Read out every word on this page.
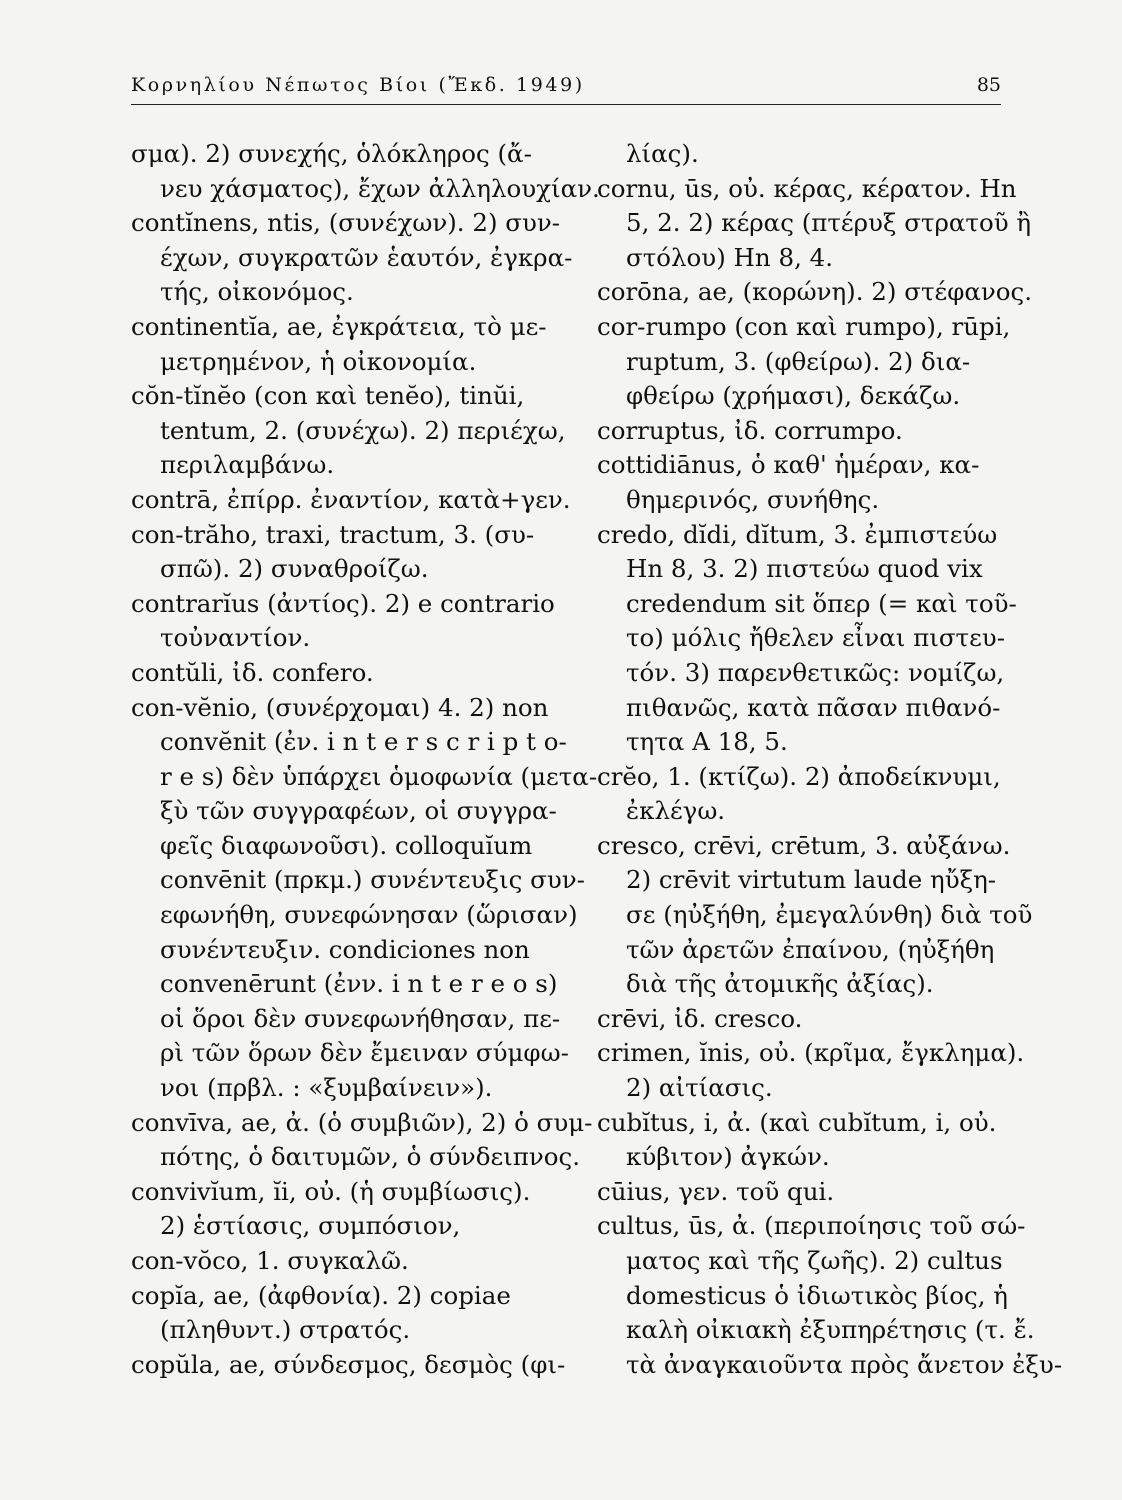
Κορνηλίου Νέπωτος Βίοι (Ἔκδ. 1949)	85
σμα). 2) συνεχής, ὁλόκληρος (ἄ-
νευ χάσματος), ἔχων ἀλληλουχίαν.
contĭnens, ntis, (συνέχων). 2) συν-
έχων, συγκρατῶν ἑαυτόν, ἐγκρα-
τής, οἰκονόμος.
continentĭa, ae, ἐγκράτεια, τὸ με-
μετρημένον, ἡ οἰκονομία.
cŏn-tĭnĕo (con καὶ tenĕo), tinŭi,
tentum, 2. (συνέχω). 2) περιέχω,
περιλαμβάνω.
contrā, ἐπίρρ. ἐναντίον, κατὰ+γεν.
con-trăho, traxi, tractum, 3. (συ-
σπῶ). 2) συναθροίζω.
contrarĭus (ἀντίος). 2) e contrario
τοὐναντίον.
contŭli, ἰδ. confero.
con-vĕnio, (συνέρχομαι) 4. 2) non
convĕnit (ἐν. i n t e r s c r i p t o-
r e s) δὲν ὑπάρχει ὁμοφωνία (μετα-
ξὺ τῶν συγγραφέων, οἱ συγγρα-
φεῖς διαφωνοῦσι). colloquĭum
convēnit (πρκμ.) συνέντευξις συν-
εφωνήθη, συνεφώνησαν (ὥρισαν)
συνέντευξιν. condiciones non
convenērunt (ἐνν. i n t e r e o s)
οἱ ὅροι δὲν συνεφωνήθησαν, πε-
ρὶ τῶν ὅρων δὲν ἔμειναν σύμφω-
νοι (πρβλ. : «ξυμβαίνειν»).
convīva, ae, ἀ. (ὁ συμβιῶν), 2) ὁ συμ-
πότης, ὁ δαιτυμῶν, ὁ σύνδειπνος.
convivĭum, ĭi, οὐ. (ἡ συμβίωσις).
2) ἑστίασις, συμπόσιον,
con-vŏco, 1. συγκαλῶ.
copĭa, ae, (ἀφθονία). 2) copiae
(πληθυντ.) στρατός.
copŭla, ae, σύνδεσμος, δεσμὸς (φι-
λίας).
cornu, ūs, οὐ. κέρας, κέρατον. Hn
5, 2. 2) κέρας (πτέρυξ στρατοῦ ἢ
στόλου) Hn 8, 4.
corōna, ae, (κορώνη). 2) στέφανος.
cor-rumpo (con καὶ rumpo), rūpi,
ruptum, 3. (φθείρω). 2) δια-
φθείρω (χρήμασι), δεκάζω.
corruptus, ἰδ. corrumpo.
cottidiānus, ὁ καθ' ἡμέραν, κα-
θημερινός, συνήθης.
credo, dĭdi, dĭtum, 3. ἐμπιστεύω
Hn 8, 3. 2) πιστεύω quod vix
credendum sit ὅπερ (= καὶ τοῦ-
το) μόλις ἤθελεν εἶναι πιστευ-
τόν. 3) παρενθετικῶς: νομίζω,
πιθανῶς, κατὰ πᾶσαν πιθανό-
τητα A 18, 5.
crĕo, 1. (κτίζω). 2) ἀποδείκνυμι,
ἐκλέγω.
cresco, crēvi, crētum, 3. αὐξάνω.
2) crēvit virtutum laude ηὔξη-
σε (ηὐξήθη, ἐμεγαλύνθη) διὰ τοῦ
τῶν ἀρετῶν ἐπαίνου, (ηὐξήθη
διὰ τῆς ἀτομικῆς ἀξίας).
crēvi, ἰδ. cresco.
crimen, ĭnis, οὐ. (κρῖμα, ἔγκλημα).
2) αἰτίασις.
cubĭtus, i, ἀ. (καὶ cubĭtum, i, οὐ.
κύβιτον) ἀγκών.
cūius, γεν. τοῦ qui.
cultus, ūs, ἀ. (περιποίησις τοῦ σώ-
ματος καὶ τῆς ζωῆς). 2) cultus
domesticus ὁ ἰδιωτικὸς βίος, ἡ
καλὴ οἰκιακὴ ἐξυπηρέτησις (τ. ἔ.
τὰ ἀναγκαιοῦντα πρὸς ἄνετον ἐξυ-
